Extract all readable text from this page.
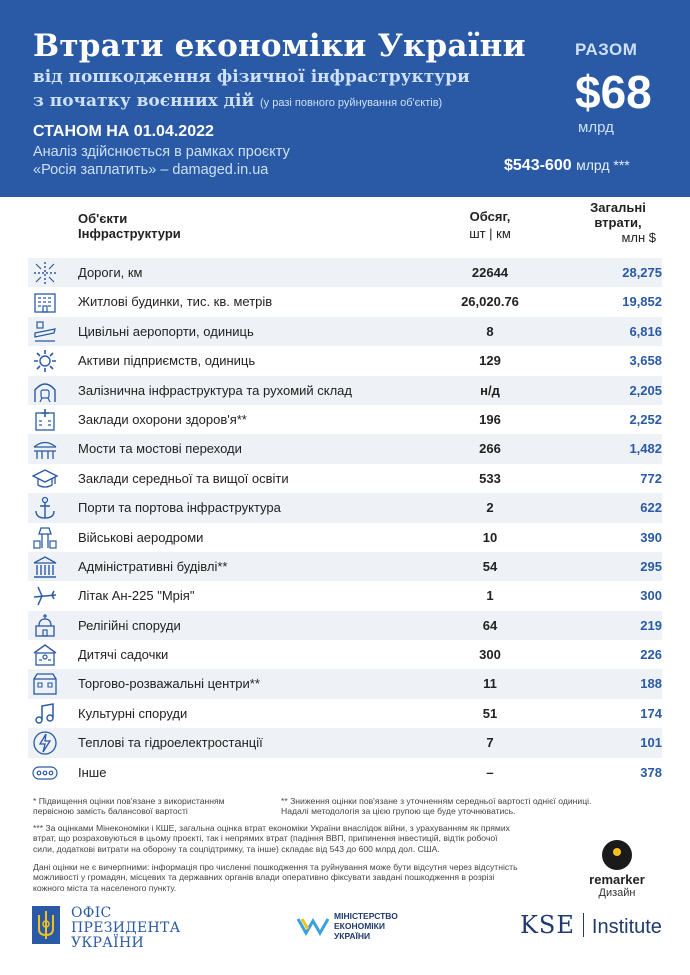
Втрати економіки України
від пошкодження фізичної інфраструктури
з початку воєнних дій (у разі повного руйнування об'єктів)
СТАНОМ НА 01.04.2022
Аналіз здійснюється в рамках проєкту
«Росія заплатить» – damaged.in.ua
РАЗОМ
$68
млрд
$543-600 млрд ***
Об'єкти
Інфраструктури
Обсяг,
шт | км
Загальні
втрати,
млн $
Дороги, км	22644	28,275
Житлові будинки, тис. кв. метрів	26,020.76	19,852
Цивільні аеропорти, одиниць	8	6,816
Активи підприємств, одиниць	129	3,658
Залізнична інфраструктура та рухомий склад	н/д	2,205
Заклади охорони здоров'я**	196	2,252
Мости та мостові переходи	266	1,482
Заклади середньої та вищої освіти	533	772
Порти та портова інфраструктура	2	622
Військові аеродроми	10	390
Адміністративні будівлі**	54	295
Літак Ан-225 "Мрія"	1	300
Релігійні споруди	64	219
Дитячі садочки	300	226
Торгово-розважальні центри**	11	188
Культурні споруди	51	174
Теплові та гідроелектростанції	7	101
Інше	–	378
* Підвищення оцінки пов'язане з використанням
первісною замість балансової вартості
** Зниження оцінки пов'язане з уточненням середньої вартості однієї одиниці.
Надалі методологія за цією групою ще буде уточнюватись.
*** За оцінками Мінекономіки і КШЕ, загальна оцінка втрат економіки України внаслідок війни, з урахуванням як прямих
втрат, що розраховуються в цьому проєкті, так і непрямих втрат (падіння ВВП, припинення інвестицій, відтік робочої
сили, додаткові витрати на оборону та соцпідтримку, та інше) складає від 543 до 600 млрд дол. США.
Дані оцінки не є вичерпними: інформація про численні пошкодження та руйнування може бути відсутня через відсутність
можливості у громадян, місцевих та державних органів влади оперативно фіксувати завдані пошкодження в розрізі
кожного міста та населеного пункту.
remarker
Дизайн
ОФІС
ПРЕЗИДЕНТА
УКРАЇНИ
МІНІСТЕРСТВО
ЕКОНОМІКИ
УКРАЇНИ	KSE Institute
